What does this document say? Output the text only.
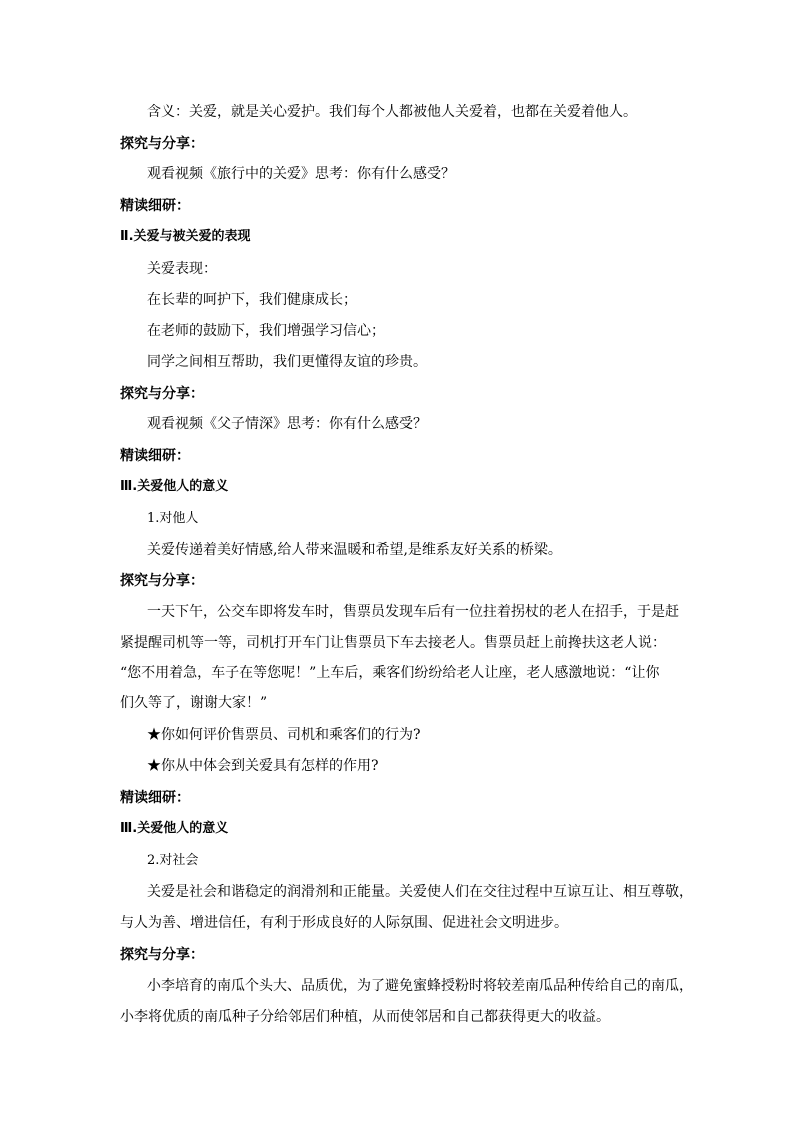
含义：关爱，就是关心爱护。我们每个人都被他人关爱着，也都在关爱着他人。
探究与分享：
观看视频《旅行中的关爱》思考：你有什么感受？
精读细研：
Ⅱ.关爱与被关爱的表现
关爱表现：
在长辈的呵护下，我们健康成长；
在老师的鼓励下，我们增强学习信心；
同学之间相互帮助，我们更懂得友谊的珍贵。
探究与分享：
观看视频《父子情深》思考：你有什么感受？
精读细研：
Ⅲ.关爱他人的意义
1.对他人
关爱传递着美好情感,给人带来温暖和希望,是维系友好关系的桥梁。
探究与分享：
一天下午，公交车即将发车时，售票员发现车后有一位拄着拐杖的老人在招手，于是赶
紧提醒司机等一等，司机打开车门让售票员下车去接老人。售票员赶上前搀扶这老人说：
“您不用着急，车子在等您呢！”上车后，乘客们纷纷给老人让座，老人感激地说：“让你
们久等了，谢谢大家！”
★你如何评价售票员、司机和乘客们的行为?
★你从中体会到关爱具有怎样的作用?
精读细研：
Ⅲ.关爱他人的意义
2.对社会
关爱是社会和谐稳定的润滑剂和正能量。关爱使人们在交往过程中互谅互让、相互尊敬，
与人为善、增进信任，有利于形成良好的人际氛围、促进社会文明进步。
探究与分享：
小李培育的南瓜个头大、品质优，为了避免蜜蜂授粉时将较差南瓜品种传给自己的南瓜，
小李将优质的南瓜种子分给邻居们种植，从而使邻居和自己都获得更大的收益。
